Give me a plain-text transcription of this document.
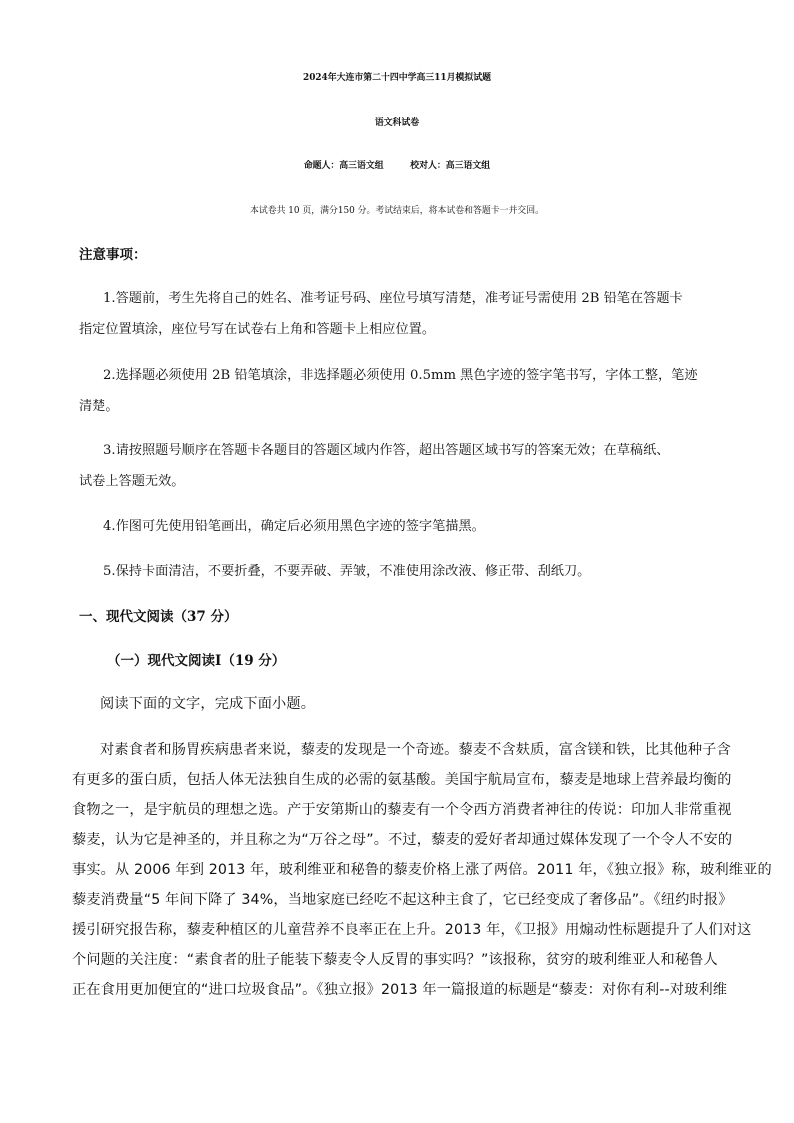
2024年大连市第二十四中学高三11月模拟试题
语文科试卷
命题人：高三语文组　　　校对人：高三语文组
本试卷共 10 页，满分150 分。考试结束后，将本试卷和答题卡一并交回。
注意事项：
1.答题前，考生先将自己的姓名、准考证号码、座位号填写清楚，准考证号需使用 2B 铅笔在答题卡
指定位置填涂，座位号写在试卷右上角和答题卡上相应位置。
2.选择题必须使用 2B 铅笔填涂，非选择题必须使用 0.5mm 黑色字迹的签字笔书写，字体工整，笔迹
清楚。
3.请按照题号顺序在答题卡各题目的答题区域内作答，超出答题区域书写的答案无效；在草稿纸、
试卷上答题无效。
4.作图可先使用铅笔画出，确定后必须用黑色字迹的签字笔描黑。
5.保持卡面清洁，不要折叠，不要弄破、弄皱，不准使用涂改液、修正带、刮纸刀。
一、现代文阅读（37 分）
（一）现代文阅读Ⅰ（19 分）
阅读下面的文字，完成下面小题。
对素食者和肠胃疾病患者来说，藜麦的发现是一个奇迹。藜麦不含麸质，富含镁和铁，比其他种子含
有更多的蛋白质，包括人体无法独自生成的必需的氨基酸。美国宇航局宣布，藜麦是地球上营养最均衡的
食物之一，是宇航员的理想之选。产于安第斯山的藜麦有一个令西方消费者神往的传说：印加人非常重视
藜麦，认为它是神圣的，并且称之为“万谷之母”。不过，藜麦的爱好者却通过媒体发现了一个令人不安的
事实。从 2006 年到 2013 年，玻利维亚和秘鲁的藜麦价格上涨了两倍。2011 年，《独立报》称，玻利维亚的
藜麦消费量“5 年间下降了 34%，当地家庭已经吃不起这种主食了，它已经变成了奢侈品”。《纽约时报》
援引研究报告称，藜麦种植区的儿童营养不良率正在上升。2013 年，《卫报》用煽动性标题提升了人们对这
个问题的关注度：“素食者的肚子能装下藜麦令人反胃的事实吗？”该报称，贫穷的玻利维亚人和秘鲁人
正在食用更加便宜的“进口垃圾食品”。《独立报》2013 年一篇报道的标题是“藜麦：对你有利--对玻利维
